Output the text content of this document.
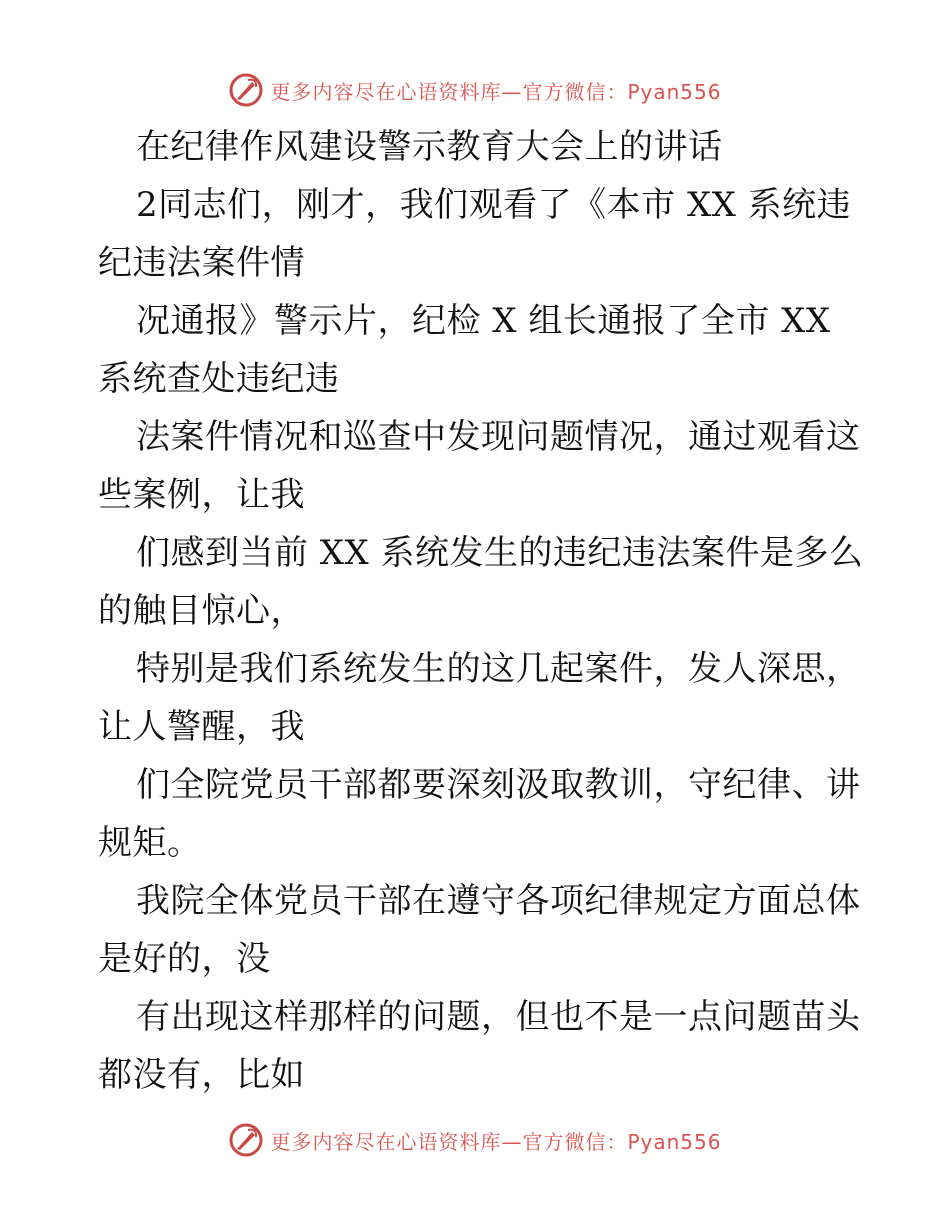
更多内容尽在心语资料库—官方微信：Pyan556
在纪律作风建设警示教育大会上的讲话
2同志们，刚才，我们观看了《本市 XX 系统违
纪违法案件情
况通报》警示片，纪检 X 组长通报了全市 XX
系统查处违纪违
法案件情况和巡查中发现问题情况，通过观看这
些案例，让我
们感到当前 XX 系统发生的违纪违法案件是多么
的触目惊心，
特别是我们系统发生的这几起案件，发人深思，
让人警醒，我
们全院党员干部都要深刻汲取教训，守纪律、讲
规矩。
我院全体党员干部在遵守各项纪律规定方面总体
是好的，没
有出现这样那样的问题，但也不是一点问题苗头
都没有，比如
更多内容尽在心语资料库—官方微信：Pyan556
